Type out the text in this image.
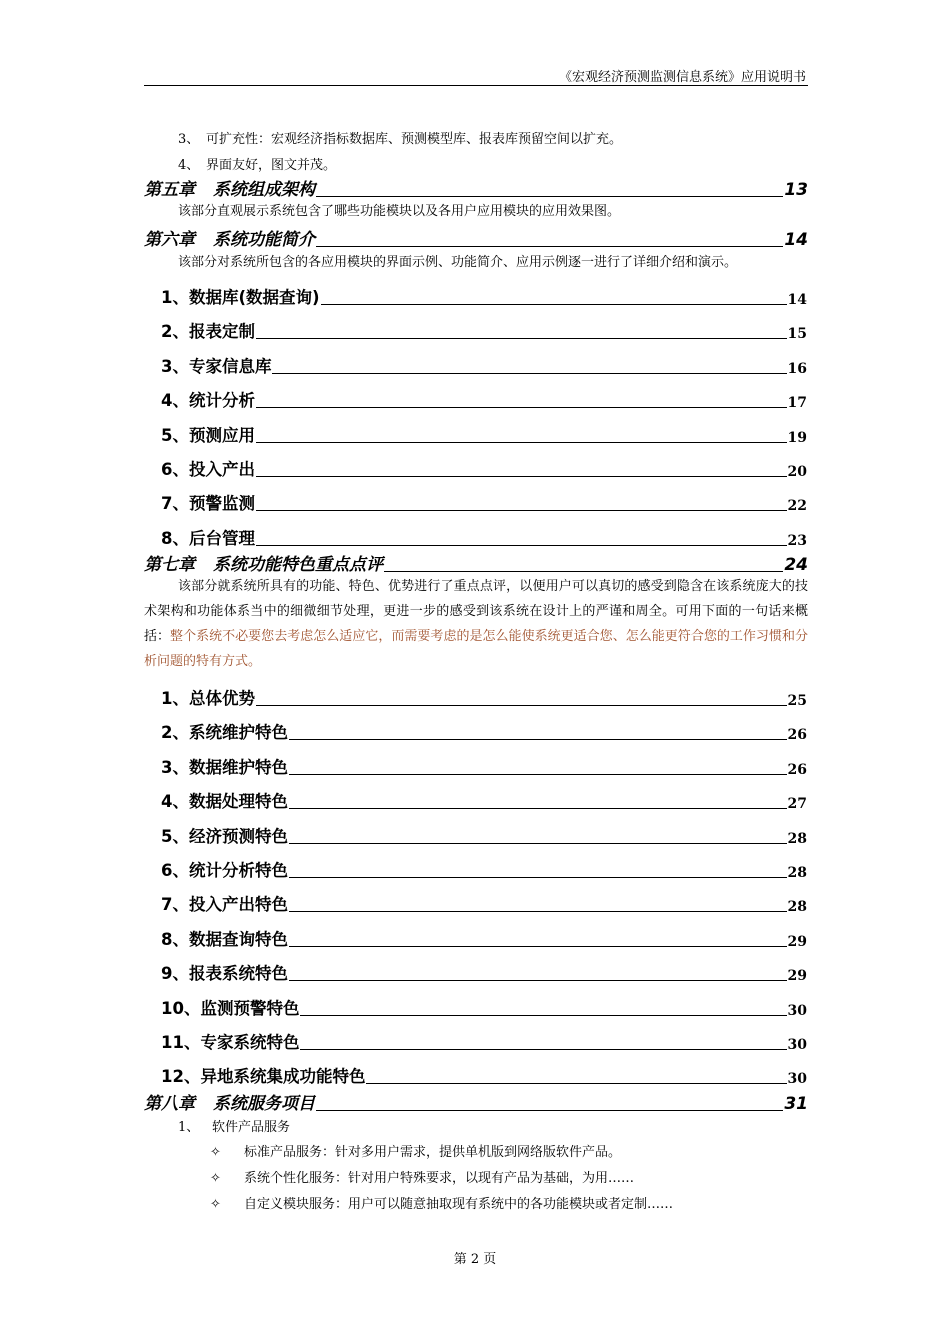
《宏观经济预测监测信息系统》应用说明书
3、 可扩充性：宏观经济指标数据库、预测模型库、报表库预留空间以扩充。
4、 界面友好，图文并茂。
第五章 系统组成架构	13
该部分直观展示系统包含了哪些功能模块以及各用户应用模块的应用效果图。
第六章 系统功能简介	14
该部分对系统所包含的各应用模块的界面示例、功能简介、应用示例逐一进行了详细介绍和演示。
1、数据库(数据查询)	14
2、报表定制	15
3、专家信息库	16
4、统计分析	17
5、预测应用	19
6、投入产出	20
7、预警监测	22
8、后台管理	23
第七章 系统功能特色重点点评	24
该部分就系统所具有的功能、特色、优势进行了重点点评，以便用户可以真切的感受到隐含在该系统庞大的技术架构和功能体系当中的细微细节处理，更进一步的感受到该系统在设计上的严谨和周全。可用下面的一句话来概括：整个系统不必要您去考虑怎么适应它，而需要考虑的是怎么能使系统更适合您、怎么能更符合您的工作习惯和分析问题的特有方式。
1、总体优势	25
2、系统维护特色	26
3、数据维护特色	26
4、数据处理特色	27
5、经济预测特色	28
6、统计分析特色	28
7、投入产出特色	28
8、数据查询特色	29
9、报表系统特色	29
10、监测预警特色	30
11、专家系统特色	30
12、异地系统集成功能特色	30
第八章 系统服务项目	31
1、 软件产品服务
✧ 标准产品服务：针对多用户需求，提供单机版到网络版软件产品。
✧ 系统个性化服务：针对用户特殊要求，以现有产品为基础，为用……
✧ 自定义模块服务：用户可以随意抽取现有系统中的各功能模块或者定制……
第 2 页
